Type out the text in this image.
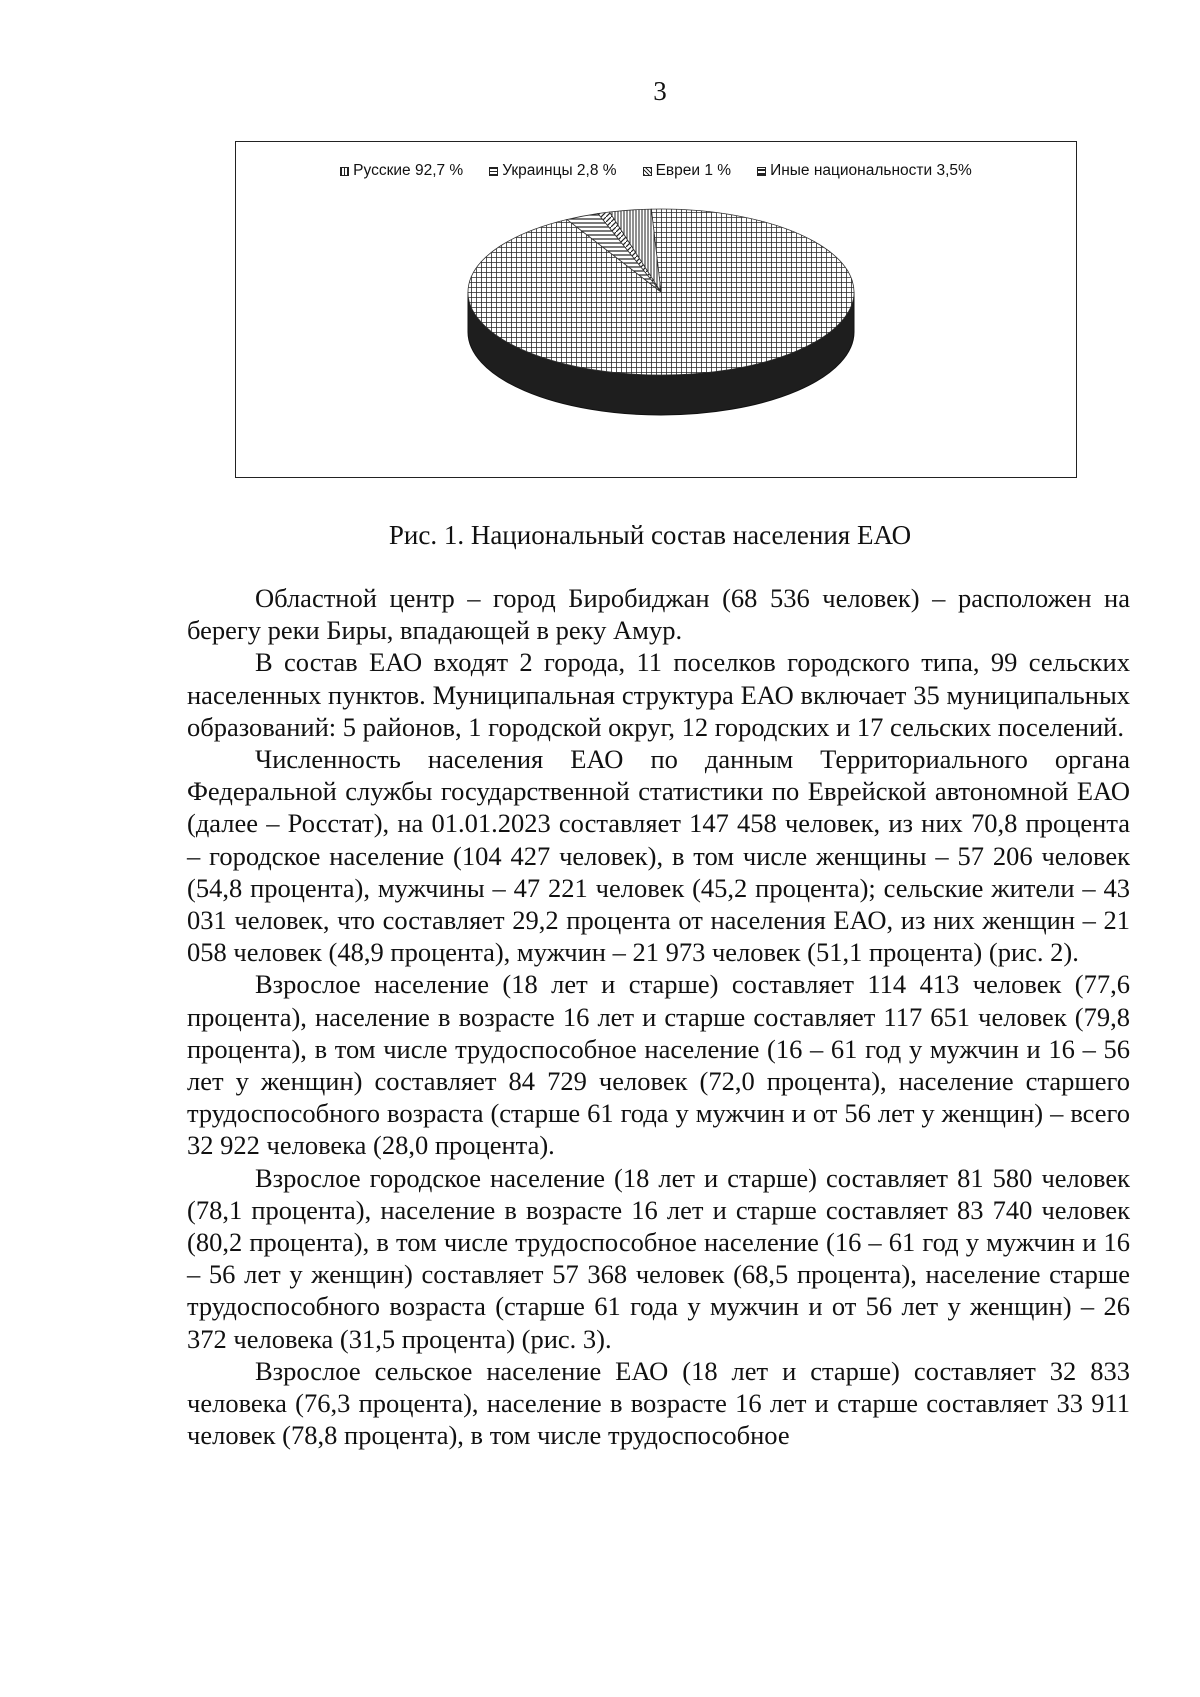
3
Русские 92,7 %	Украинцы 2,8 %	Евреи 1 %	Иные национальности 3,5%
Рис. 1. Национальный состав населения ЕАО

Областной центр – город Биробиджан (68 536 человек) – расположен на берегу реки Биры, впадающей в реку Амур.

В состав ЕАО входят 2 города, 11 поселков городского типа, 99 сельских населенных пунктов. Муниципальная структура ЕАО включает 35 муниципальных образований: 5 районов, 1 городской округ, 12 городских и 17 сельских поселений.

Численность населения ЕАО по данным Территориального органа Федеральной службы государственной статистики по Еврейской автономной ЕАО (далее – Росстат), на 01.01.2023 составляет 147 458 человек, из них 70,8 процента – городское население (104 427 человек), в том числе женщины – 57 206 человек (54,8 процента), мужчины – 47 221 человек (45,2 процента); сельские жители – 43 031 человек, что составляет 29,2 процента от населения ЕАО, из них женщин – 21 058 человек (48,9 процента), мужчин – 21 973 человек (51,1 процента) (рис. 2).

Взрослое население (18 лет и старше) составляет 114 413 человек (77,6 процента), население в возрасте 16 лет и старше составляет 117 651 человек (79,8 процента), в том числе трудоспособное население (16 – 61 год у мужчин и 16 – 56 лет у женщин) составляет 84 729 человек (72,0 процента), население старшего трудоспособного возраста (старше 61 года у мужчин и от 56 лет у женщин) – всего 32 922 человека (28,0 процента).

Взрослое городское население (18 лет и старше) составляет 81 580 человек (78,1 процента), население в возрасте 16 лет и старше составляет 83 740 человек (80,2 процента), в том числе трудоспособное население (16 – 61 год у мужчин и 16 – 56 лет у женщин) составляет 57 368 человек (68,5 процента), население старше трудоспособного возраста (старше 61 года у мужчин и от 56 лет у женщин) – 26 372 человека (31,5 процента) (рис. 3).

Взрослое сельское население ЕАО (18 лет и старше) составляет 32 833 человека (76,3 процента), население в возрасте 16 лет и старше составляет 33 911 человек (78,8 процента), в том числе трудоспособное
